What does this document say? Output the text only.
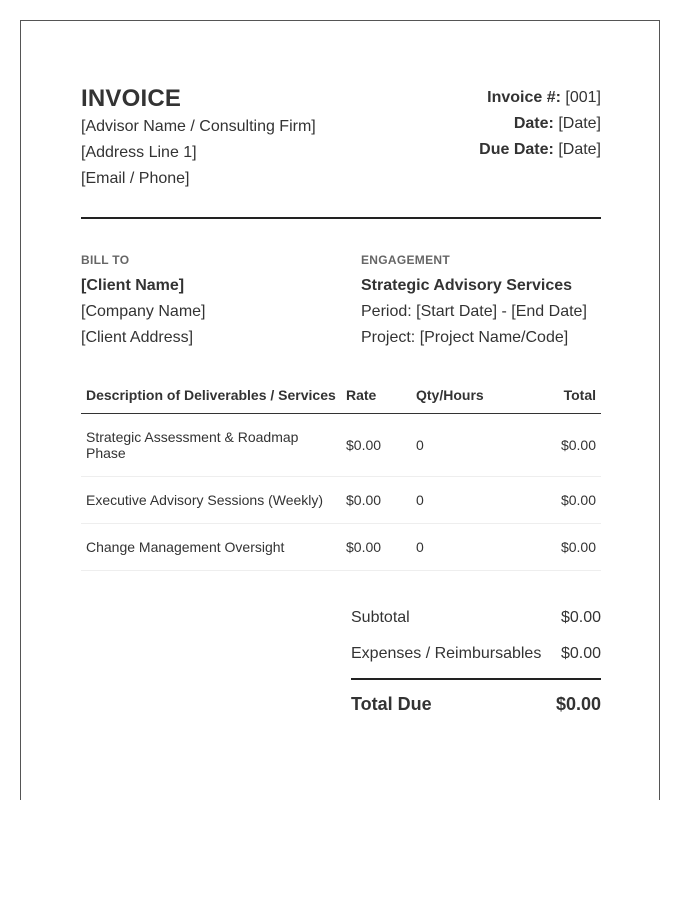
INVOICE
[Advisor Name / Consulting Firm]
[Address Line 1]
[Email / Phone]
Invoice #: [001]
Date: [Date]
Due Date: [Date]
BILL TO
[Client Name]
[Company Name]
[Client Address]
ENGAGEMENT
Strategic Advisory Services
Period: [Start Date] - [End Date]
Project: [Project Name/Code]
Description of Deliverables / Services	Rate	Qty/Hours	Total
Strategic Assessment & Roadmap Phase	$0.00	0	$0.00
Executive Advisory Sessions (Weekly)	$0.00	0	$0.00
Change Management Oversight	$0.00	0	$0.00
Subtotal	$0.00
Expenses / Reimbursables $0.00
Total Due	$0.00
